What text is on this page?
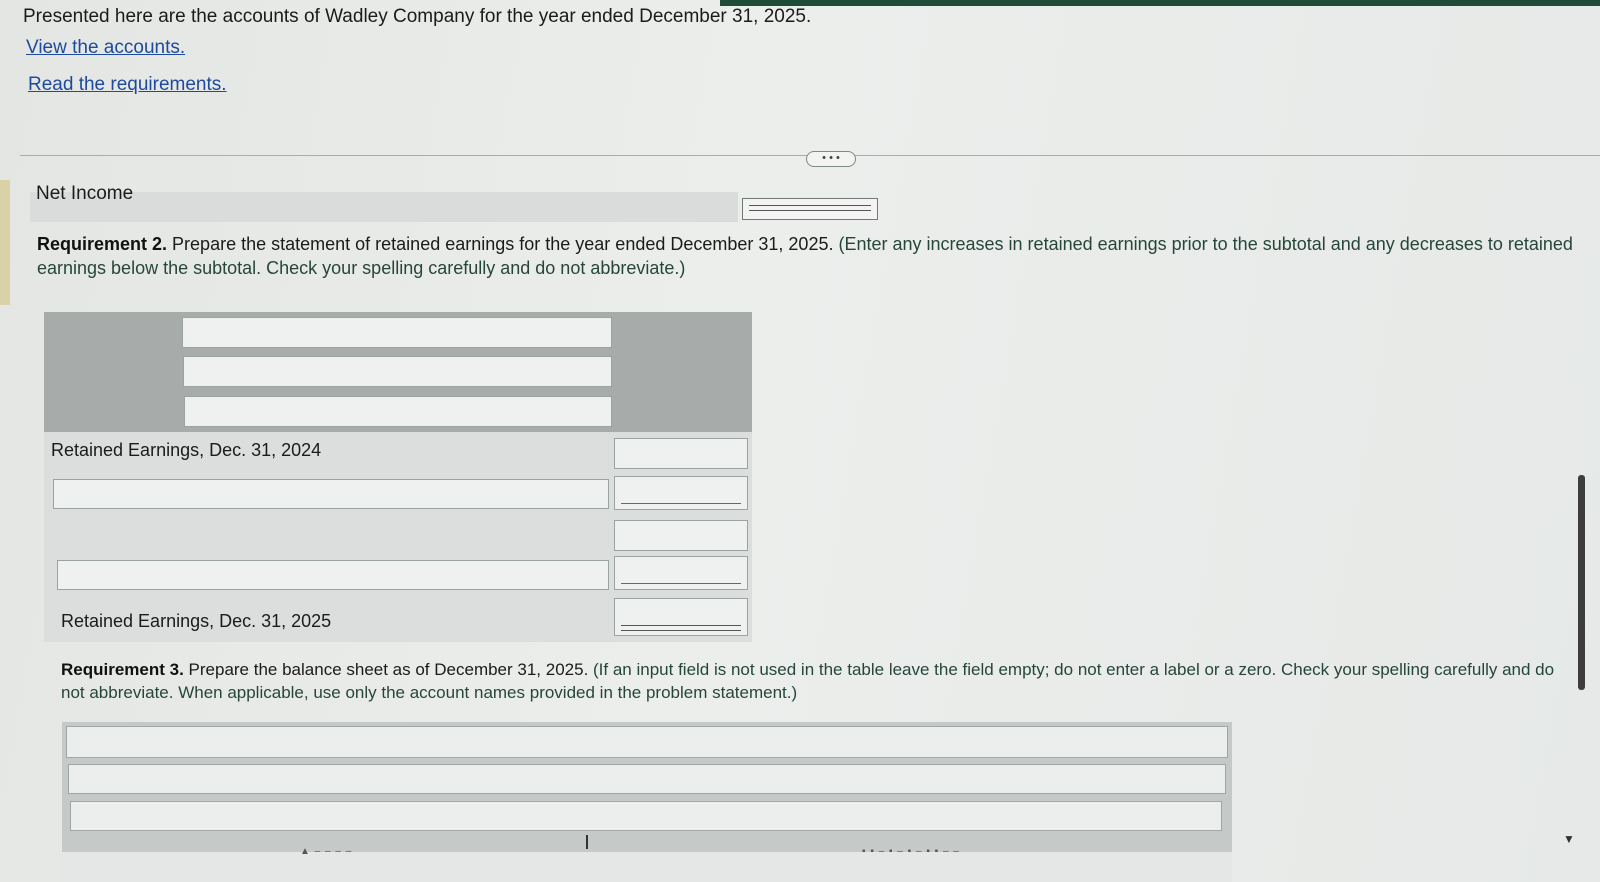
Presented here are the accounts of Wadley Company for the year ended December 31, 2025.
View the accounts.
Read the requirements.
• • •
Net Income
Requirement 2. Prepare the statement of retained earnings for the year ended December 31, 2025. (Enter any increases in retained earnings prior to the subtotal and any decreases to retained earnings below the subtotal. Check your spelling carefully and do not abbreviate.)
Retained Earnings, Dec. 31, 2024
Retained Earnings, Dec. 31, 2025
Requirement 3. Prepare the balance sheet as of December 31, 2025. (If an input field is not used in the table leave the field empty; do not enter a label or a zero. Check your spelling carefully and do not abbreviate. When applicable, use only the account names provided in the problem statement.)
▲ – – – –	▪ ▪ – ▪ – ▪ – ▪ ▪ – –
▼
